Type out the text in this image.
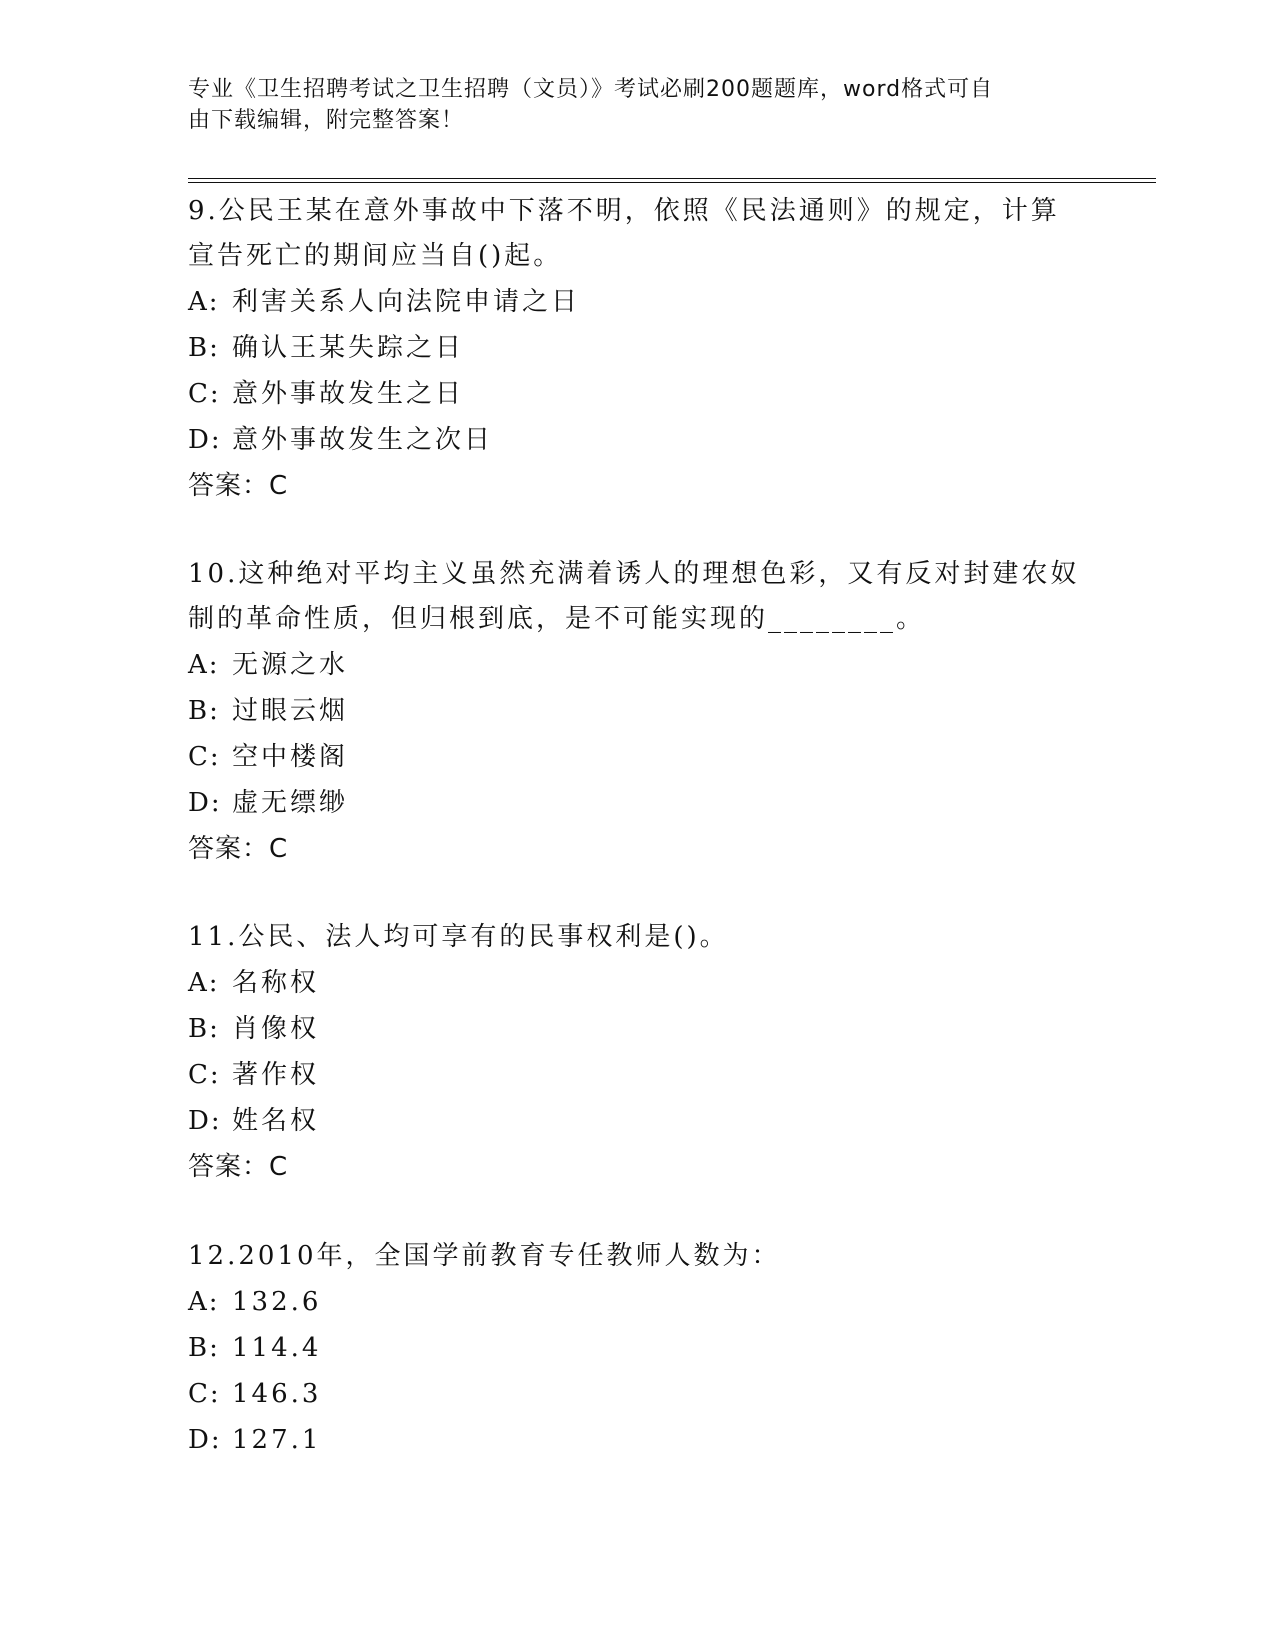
专业《卫生招聘考试之卫生招聘（文员）》考试必刷200题题库，word格式可自
由下载编辑，附完整答案！

9.公民王某在意外事故中下落不明，依照《民法通则》的规定，计算

宣告死亡的期间应当自()起。

A: 利害关系人向法院申请之日

B: 确认王某失踪之日

C: 意外事故发生之日

D: 意外事故发生之次日

答案：C

10.这种绝对平均主义虽然充满着诱人的理想色彩，又有反对封建农奴

制的革命性质，但归根到底，是不可能实现的________。

A: 无源之水

B: 过眼云烟

C: 空中楼阁

D: 虚无缥缈

答案：C

11.公民、法人均可享有的民事权利是()。

A: 名称权

B: 肖像权

C: 著作权

D: 姓名权

答案：C

12.2010年，全国学前教育专任教师人数为：

A: 132.6

B: 114.4

C: 146.3

D: 127.1
